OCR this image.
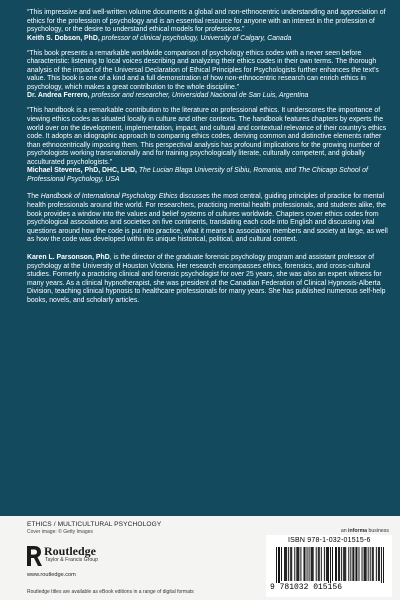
“This impressive and well-written volume documents a global and non-ethnocentric understanding and appreciation of ethics for the profession of psychology and is an essential resource for anyone with an interest in the profession of psychology, or the desire to understand ethical models for professions.”

Keith S. Dobson, PhD, professor of clinical psychology, University of Calgary, Canada

“This book presents a remarkable worldwide comparison of psychology ethics codes with a never seen before characteristic: listening to local voices describing and analyzing their ethics codes in their own terms. The thorough analysis of the impact of the Universal Declaration of Ethical Principles for Psychologists further enhances the text’s value. This book is one of a kind and a full demonstration of how non-ethnocentric research can enrich ethics in psychology, which makes a great contribution to the whole discipline.”

Dr. Andrea Ferrero, professor and researcher, Universidad Nacional de San Luis, Argentina

“This handbook is a remarkable contribution to the literature on professional ethics. It underscores the importance of viewing ethics codes as situated locally in culture and other contexts. The handbook features chapters by experts the world over on the development, implementation, impact, and cultural and contextual relevance of their country’s ethics code. It adopts an idiographic approach to comparing ethics codes, deriving common and distinctive elements rather than ethnocentrically imposing them. This perspectival analysis has profound implications for the growing number of psychologists working transnationally and for training psychologically literate, culturally competent, and globally acculturated psychologists.”

Michael Stevens, PhD, DHC, LHD, The Lucian Blaga University of Sibiu, Romania, and The Chicago School of Professional Psychology, USA

The Handbook of International Psychology Ethics discusses the most central, guiding principles of practice for mental health professionals around the world. For researchers, practicing mental health professionals, and students alike, the book provides a window into the values and belief systems of cultures worldwide. Chapters cover ethics codes from psychological associations and societies on five continents, translating each code into English and discussing vital questions around how the code is put into practice, what it means to association members and society at large, as well as how the code was developed within its unique historical, political, and cultural context.

Karen L. Parsonson, PhD, is the director of the graduate forensic psychology program and assistant professor of psychology at the University of Houston Victoria. Her research encompasses ethics, forensics, and cross-cultural studies. Formerly a practicing clinical and forensic psychologist for over 25 years, she was also an expert witness for many years. As a clinical hypnotherapist, she was president of the Canadian Federation of Clinical Hypnosis-Alberta Division, teaching clinical hypnosis to healthcare professionals for many years. She has published numerous self-help books, novels, and scholarly articles.

ETHICS / MULTICULTURAL PSYCHOLOGY
Cover image: © Getty Images
Routledge
Taylor & Francis Group
www.routledge.com
Routledge titles are available as eBook editions in a range of digital formats
an informa business
ISBN 978-1-032-01515-6
9 781032 015156
